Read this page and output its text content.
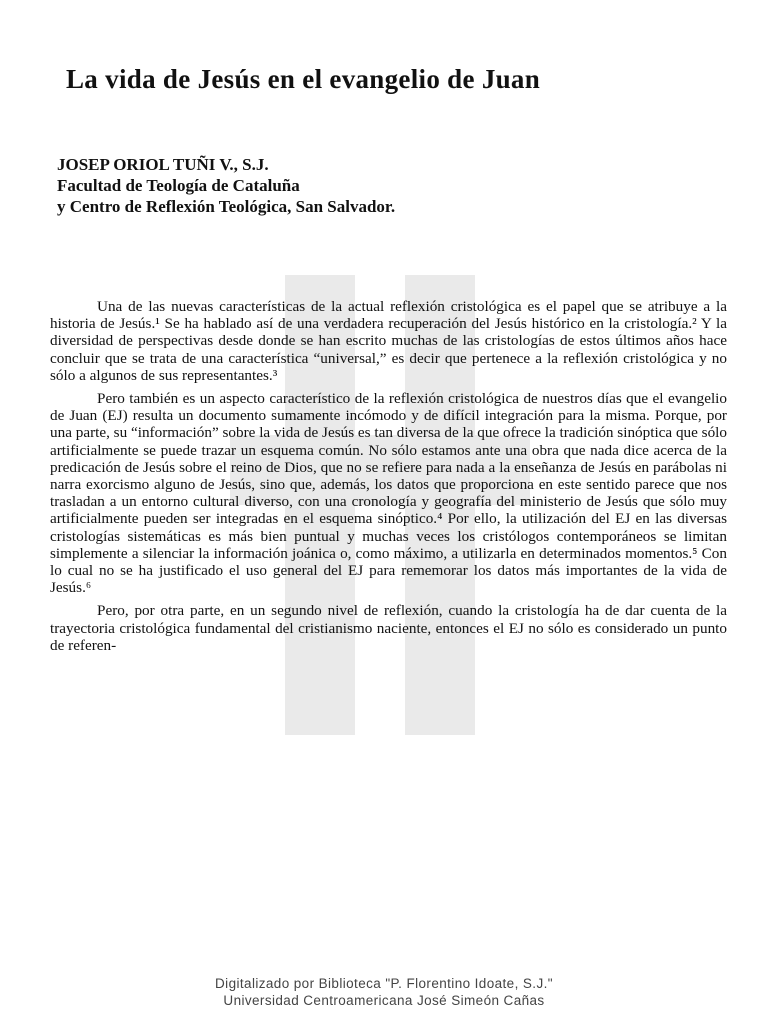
La vida de Jesús en el evangelio de Juan
JOSEP ORIOL TUÑI V., S.J.
Facultad de Teología de Cataluña
y Centro de Reflexión Teológica, San Salvador.

Una de las nuevas características de la actual reflexión cristológica es el papel que se atribuye a la historia de Jesús.¹ Se ha hablado así de una verdadera recuperación del Jesús histórico en la cristología.² Y la diversidad de perspectivas desde donde se han escrito muchas de las cristologías de estos últimos años hace concluir que se trata de una característica “universal,” es decir que pertenece a la reflexión cristológica y no sólo a algunos de sus representantes.³

Pero también es un aspecto característico de la reflexión cristológica de nuestros días que el evangelio de Juan (EJ) resulta un documento sumamente incómodo y de difícil integración para la misma. Porque, por una parte, su “información” sobre la vida de Jesús es tan diversa de la que ofrece la tradición sinóptica que sólo artificialmente se puede trazar un esquema común. No sólo estamos ante una obra que nada dice acerca de la predicación de Jesús sobre el reino de Dios, que no se refiere para nada a la enseñanza de Jesús en parábolas ni narra exorcismo alguno de Jesús, sino que, además, los datos que proporciona en este sentido parece que nos trasladan a un entorno cultural diverso, con una cronología y geografía del ministerio de Jesús que sólo muy artificialmente pueden ser integradas en el esquema sinóptico.⁴ Por ello, la utilización del EJ en las diversas cristologías sistemáticas es más bien puntual y muchas veces los cristólogos contemporáneos se limitan simplemente a silenciar la información joánica o, como máximo, a utilizarla en determinados momentos.⁵ Con lo cual no se ha justificado el uso general del EJ para rememorar los datos más importantes de la vida de Jesús.⁶

Pero, por otra parte, en un segundo nivel de reflexión, cuando la cristología ha de dar cuenta de la trayectoria cristológica fundamental del cristianismo naciente, entonces el EJ no sólo es considerado un punto de referen-

Digitalizado por Biblioteca "P. Florentino Idoate, S.J."
Universidad Centroamericana José Simeón Cañas
